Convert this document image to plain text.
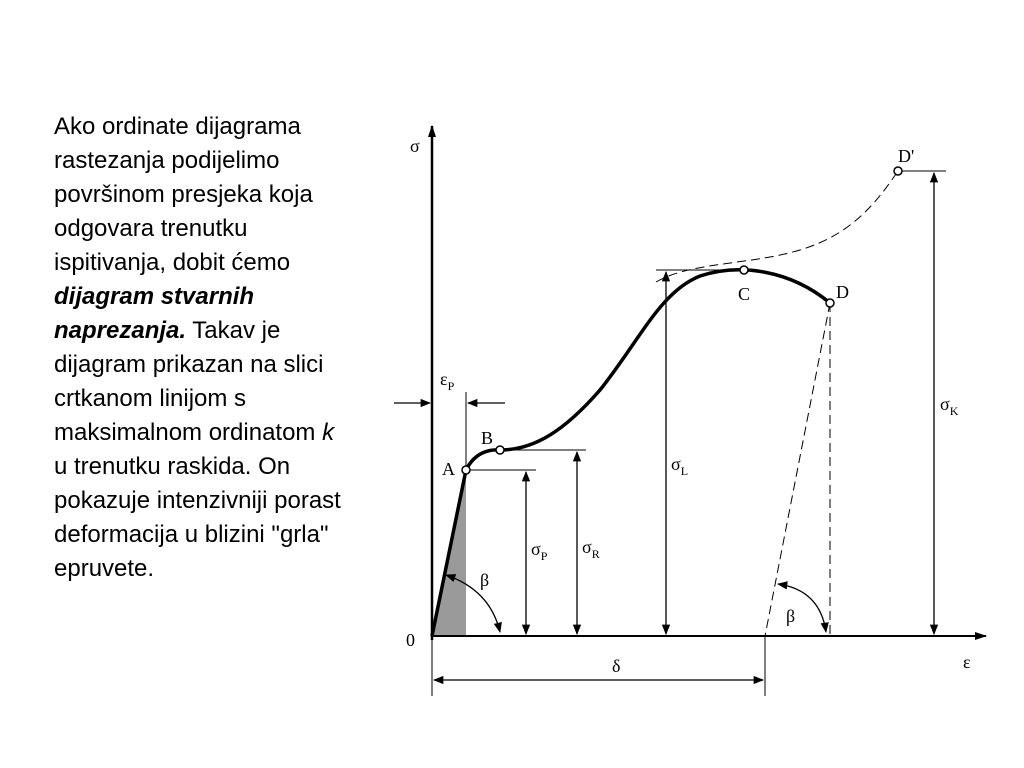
Ako ordinate dijagrama rastezanja podijelimo površinom presjeka koja odgovara trenutku ispitivanja, dobit ćemo dijagram stvarnih naprezanja. Takav je dijagram prikazan na slici crtkanom linijom s maksimalnom ordinatom k u trenutku raskida. On pokazuje intenzivniji porast deformacija u blizini "grla" epruvete.
σ
ε
0
A
B
C	D
D'
$\varepsilon_P$
$\sigma_P$ $\sigma_R$
$\sigma_L$
$\sigma_K$
β
β
δ
